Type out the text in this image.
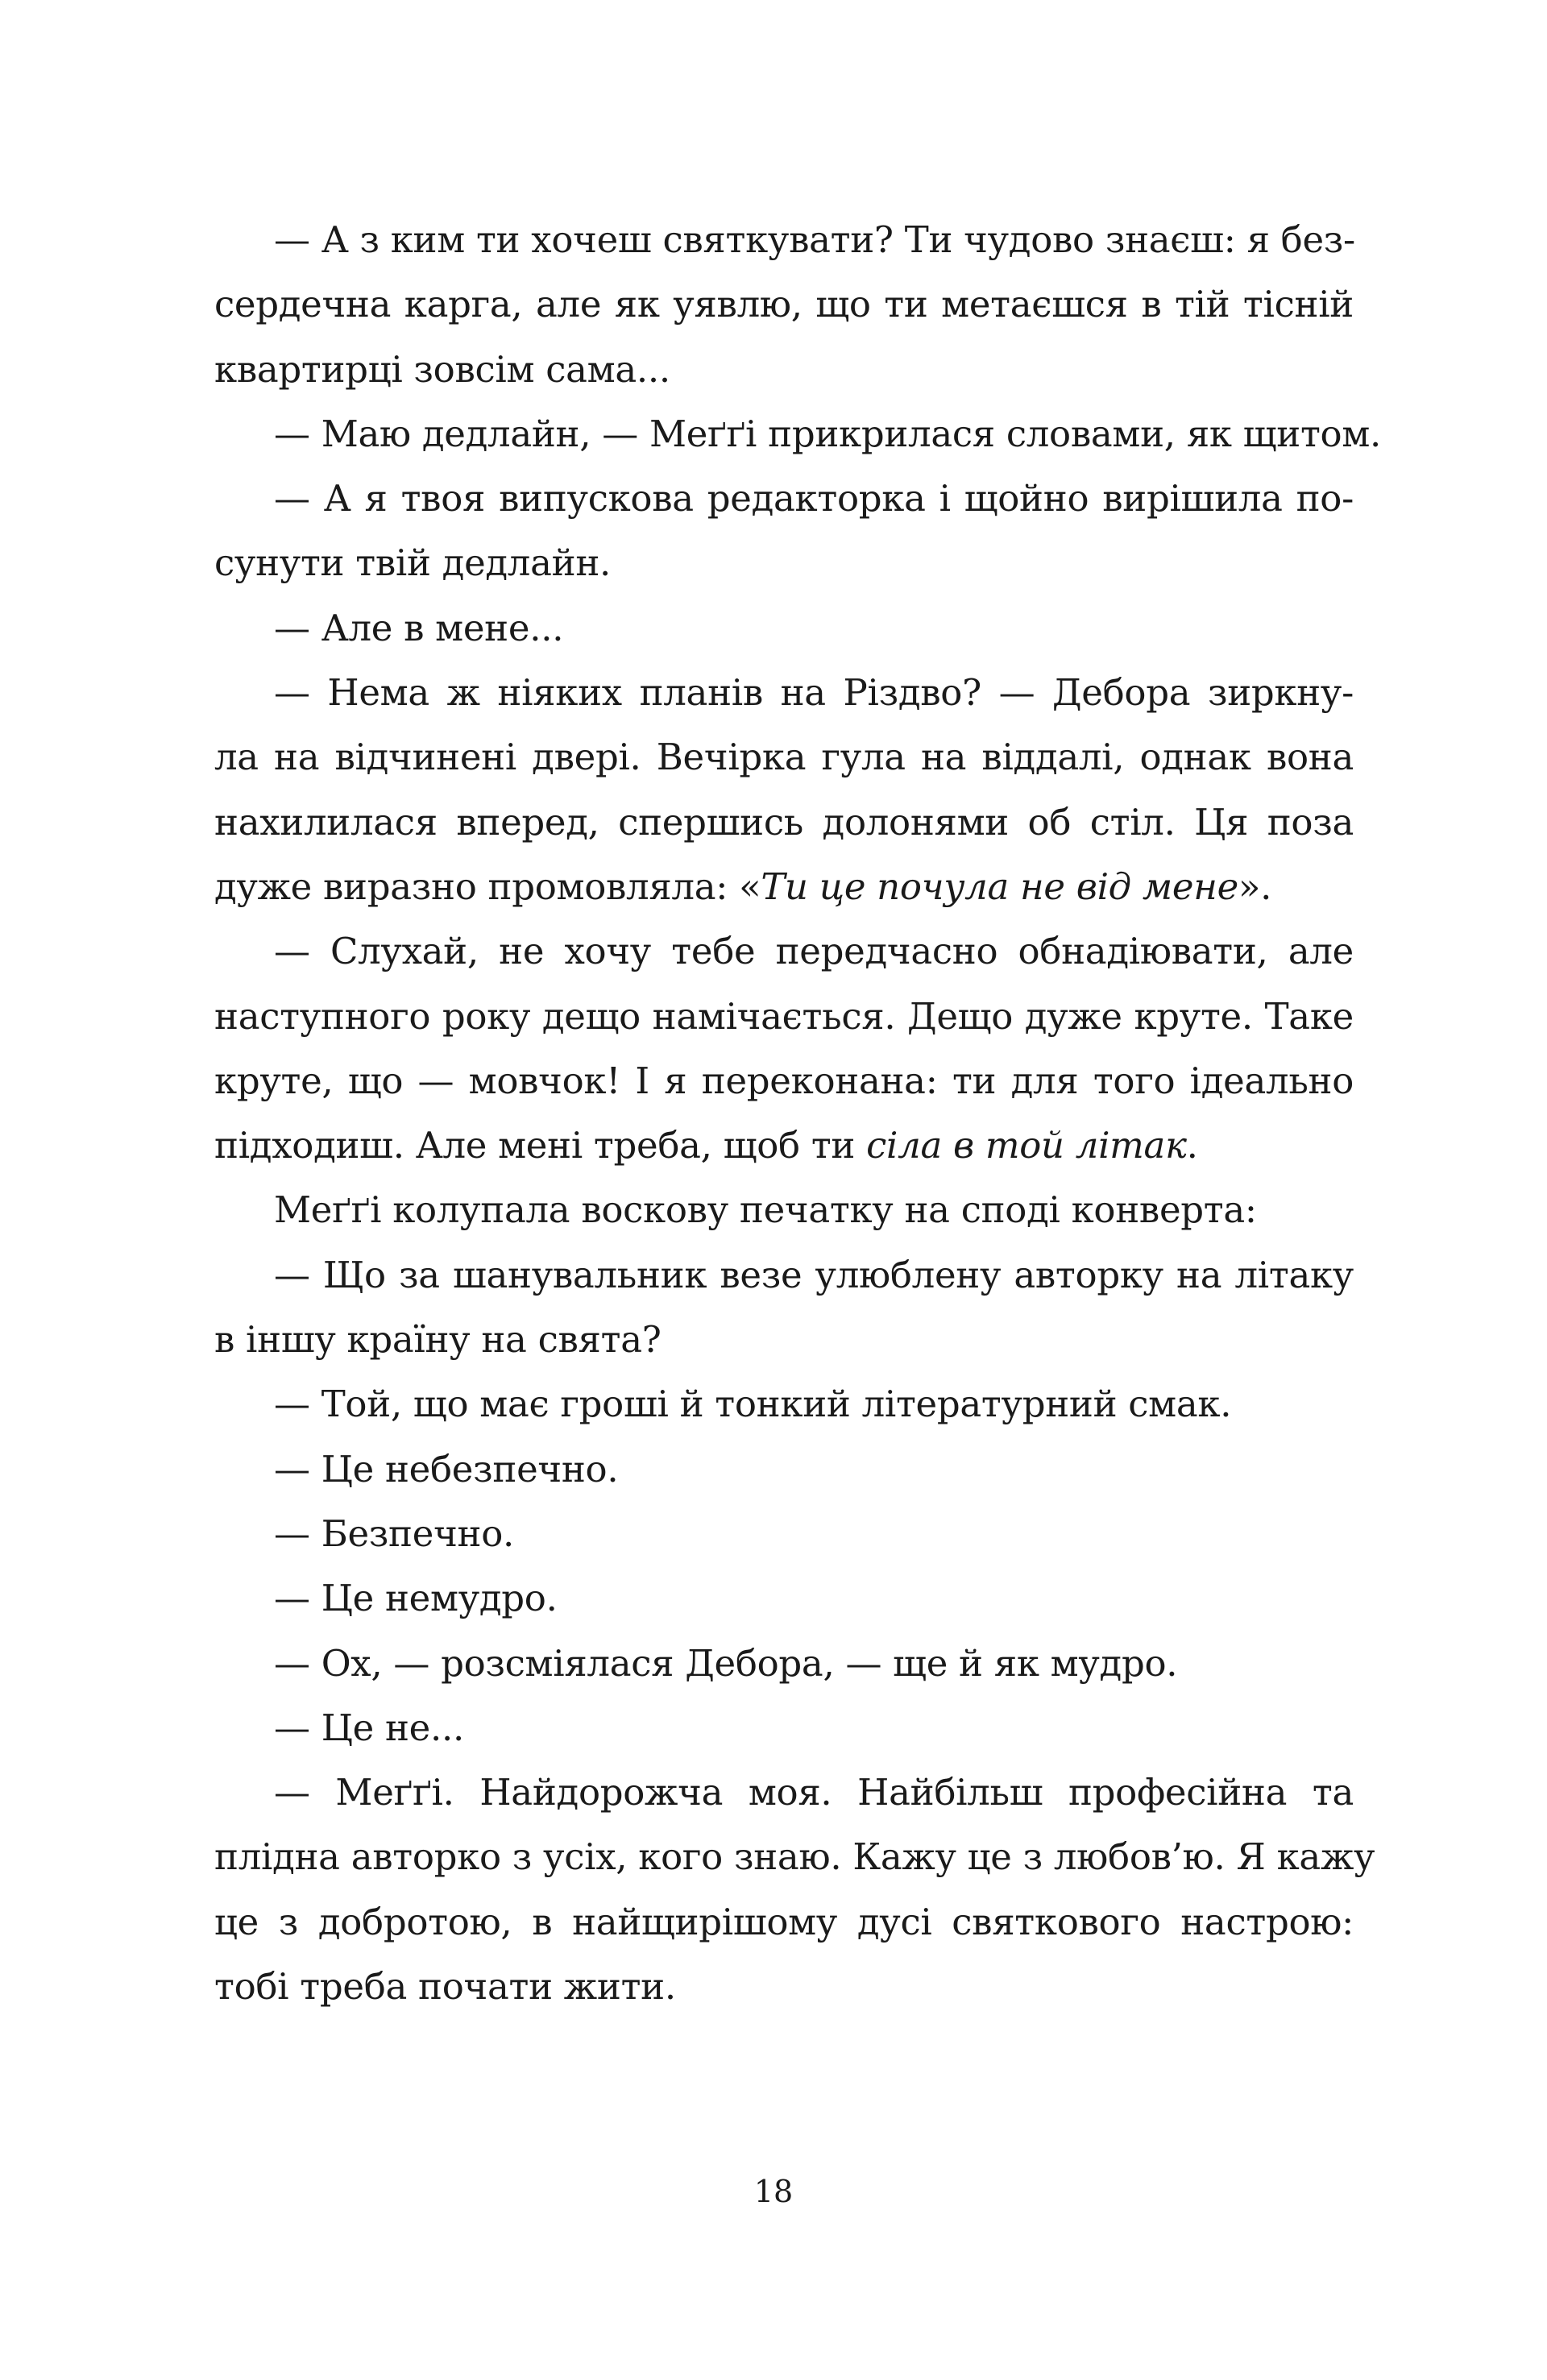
— А з ким ти хочеш святкувати? Ти чудово знаєш: я без-
сердечна карга, але як уявлю, що ти метаєшся в тій тісній
квартирці зовсім сама...
— Маю дедлайн, — Меґґі прикрилася словами, як щитом.
— А я твоя випускова редакторка і щойно вирішила по-
сунути твій дедлайн.
— Але в мене...
— Нема ж ніяких планів на Різдво? — Дебора зиркну-
ла на відчинені двері. Вечірка гула на віддалі, однак вона
нахилилася вперед, спершись долонями об стіл. Ця поза
дуже виразно промовляла: «Ти це почула не від мене».
— Слухай, не хочу тебе передчасно обнадіювати, але
наступного року дещо намічається. Дещо дуже круте. Таке
круте, що — мовчок! І я переконана: ти для того ідеально
підходиш. Але мені треба, щоб ти сіла в той літак.
Меґґі колупала воскову печатку на споді конверта:
— Що за шанувальник везе улюблену авторку на літаку
в іншу країну на свята?
— Той, що має гроші й тонкий літературний смак.
— Це небезпечно.
— Безпечно.
— Це немудро.
— Ох, — розсміялася Дебора, — ще й як мудро.
— Це не...
— Меґґі. Найдорожча моя. Найбільш професійна та
плідна авторко з усіх, кого знаю. Кажу це з любов’ю. Я кажу
це з добротою, в найщирішому дусі святкового настрою:
тобі треба почати жити.
18
